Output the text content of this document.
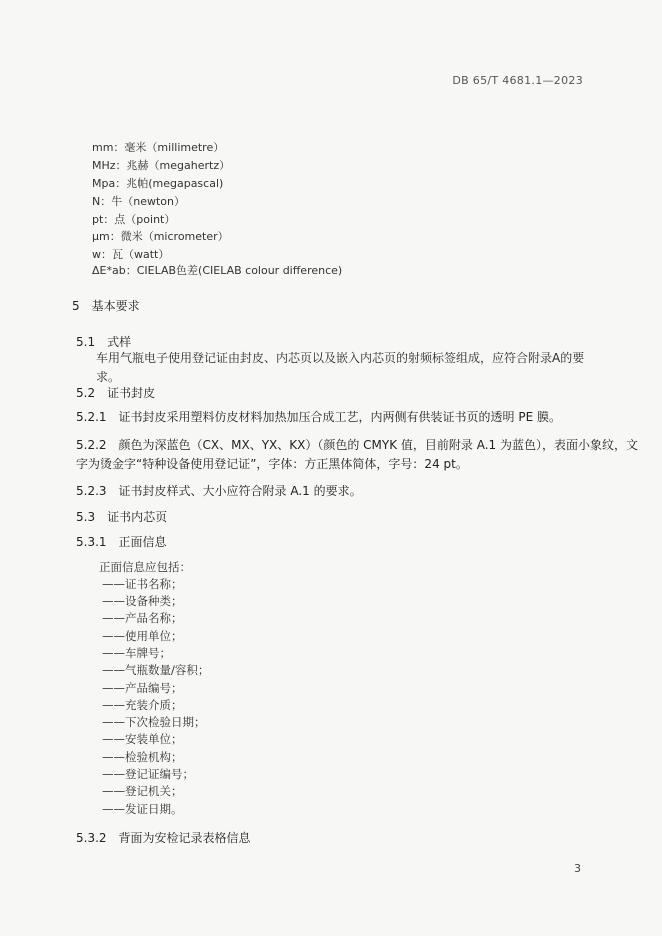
DB 65/T 4681.1—2023
mm：毫米（millimetre）
MHz：兆赫（megahertz）
Mpa：兆帕(megapascal)
N：牛（newton）
pt：点（point）
μm：微米（micrometer）
w：瓦（watt）
ΔE*ab：CIELAB色差(CIELAB colour difference)
5　基本要求
5.1　式样
车用气瓶电子使用登记证由封皮、内芯页以及嵌入内芯页的射频标签组成，应符合附录A的要求。
5.2　证书封皮
5.2.1　证书封皮采用塑料仿皮材料加热加压合成工艺，内两侧有供装证书页的透明 PE 膜。
5.2.2　颜色为深蓝色（CX、MX、YX、KX）（颜色的 CMYK 值，目前附录 A.1 为蓝色），表面小象纹，文
字为烫金字“特种设备使用登记证”，字体：方正黑体简体，字号：24 pt。
5.2.3　证书封皮样式、大小应符合附录 A.1 的要求。
5.3　证书内芯页
5.3.1　正面信息
正面信息应包括：
——证书名称；
——设备种类；
——产品名称；
——使用单位；
——车牌号；
——气瓶数量/容积；
——产品编号；
——充装介质；
——下次检验日期；
——安装单位；
——检验机构；
——登记证编号；
——登记机关；
——发证日期。
5.3.2　背面为安检记录表格信息
3
